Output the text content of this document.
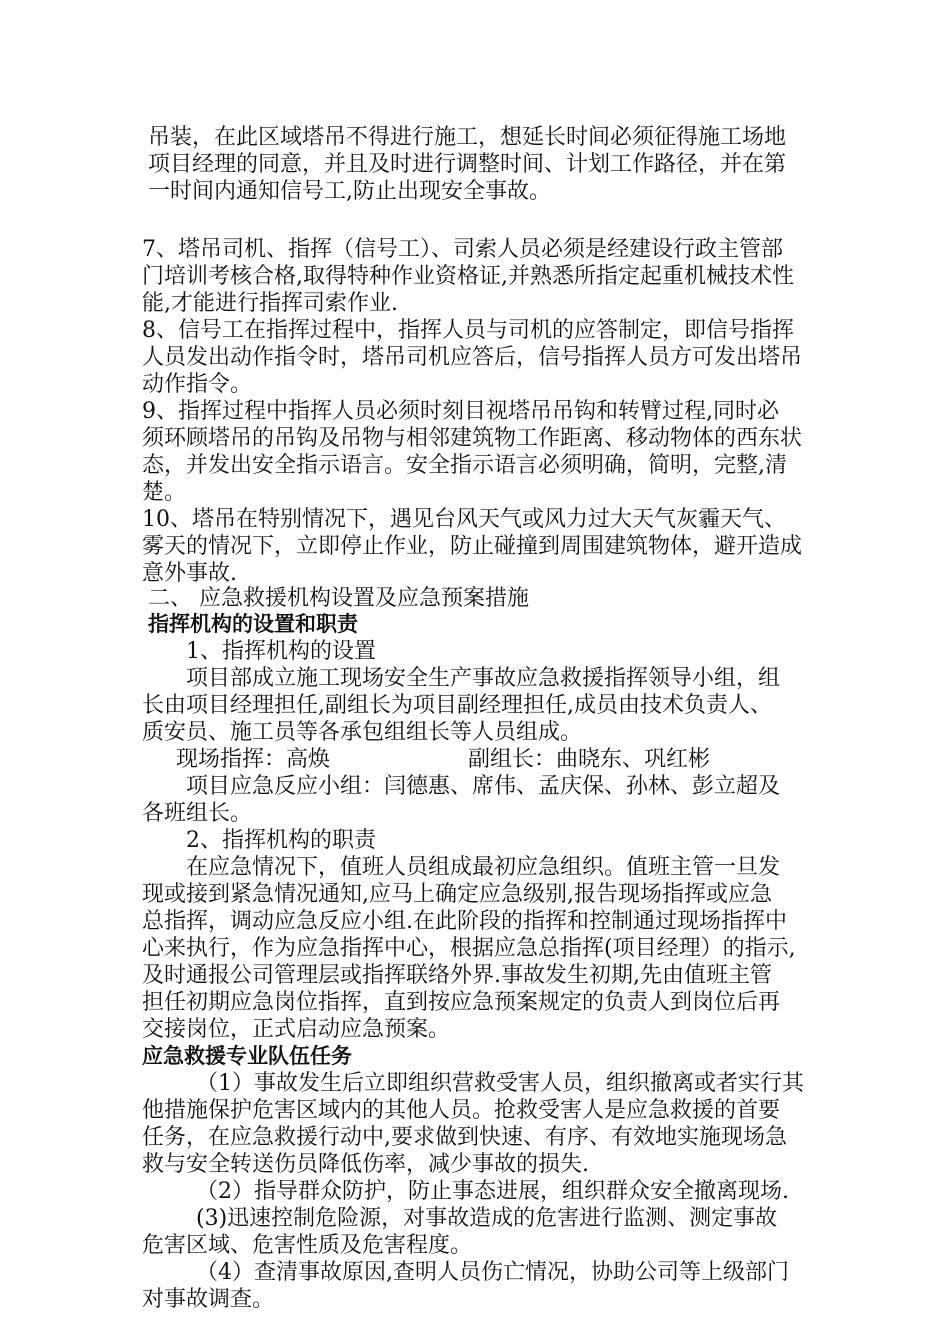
吊装，在此区域塔吊不得进行施工，想延长时间必须征得施工场地
项目经理的同意，并且及时进行调整时间、计划工作路径，并在第
一时间内通知信号工,防止出现安全事故。
7、塔吊司机、指挥（信号工）、司索人员必须是经建设行政主管部
门培训考核合格,取得特种作业资格证,并熟悉所指定起重机械技术性
能,才能进行指挥司索作业.
8、信号工在指挥过程中，指挥人员与司机的应答制定，即信号指挥
人员发出动作指令时，塔吊司机应答后，信号指挥人员方可发出塔吊
动作指令。
9、指挥过程中指挥人员必须时刻目视塔吊吊钩和转臂过程,同时必
须环顾塔吊的吊钩及吊物与相邻建筑物工作距离、移动物体的西东状
态，并发出安全指示语言。安全指示语言必须明确，简明，完整,清
楚。
10、塔吊在特别情况下，遇见台风天气或风力过大天气灰霾天气、
雾天的情况下，立即停止作业，防止碰撞到周围建筑物体，避开造成
意外事故.
二、 应急救援机构设置及应急预案措施
指挥机构的设置和职责
1、指挥机构的设置
项目部成立施工现场安全生产事故应急救援指挥领导小组，组
长由项目经理担任,副组长为项目副经理担任,成员由技术负责人、
质安员、施工员等各承包组组长等人员组成。
现场指挥：高焕	副组长：曲晓东、巩红彬
项目应急反应小组：闫德惠、席伟、孟庆保、孙林、彭立超及
各班组长。
2、指挥机构的职责
在应急情况下，值班人员组成最初应急组织。值班主管一旦发
现或接到紧急情况通知,应马上确定应急级别,报告现场指挥或应急
总指挥，调动应急反应小组.在此阶段的指挥和控制通过现场指挥中
心来执行，作为应急指挥中心，根据应急总指挥(项目经理）的指示,
及时通报公司管理层或指挥联络外界.事故发生初期,先由值班主管
担任初期应急岗位指挥，直到按应急预案规定的负责人到岗位后再
交接岗位，正式启动应急预案。
应急救援专业队伍任务
（1）事故发生后立即组织营救受害人员，组织撤离或者实行其
他措施保护危害区域内的其他人员。抢救受害人是应急救援的首要
任务，在应急救援行动中,要求做到快速、有序、有效地实施现场急
救与安全转送伤员降低伤率，减少事故的损失.
（2）指导群众防护，防止事态进展，组织群众安全撤离现场.
(3)迅速控制危险源，对事故造成的危害进行监测、测定事故
危害区域、危害性质及危害程度。
（4）查清事故原因,查明人员伤亡情况，协助公司等上级部门
对事故调查。
